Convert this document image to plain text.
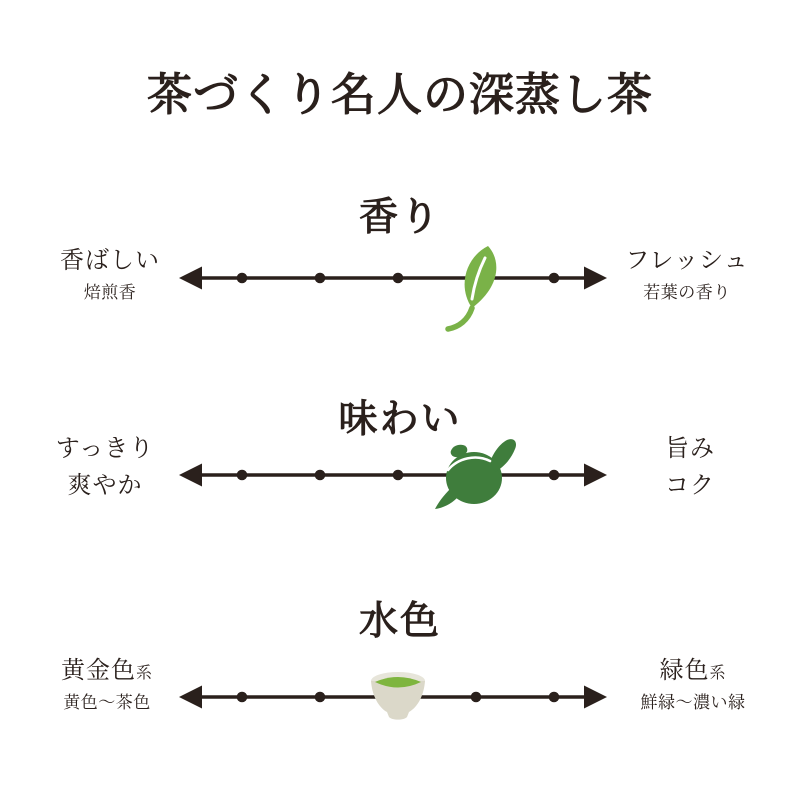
茶づくり名人の深蒸し茶
香り
香ばしい
焙煎香
フレッシュ
若葉の香り
味わい
すっきり
爽やか
旨み
コク
水色
黄金色系
黄色〜茶色
緑色系
鮮緑〜濃い緑
